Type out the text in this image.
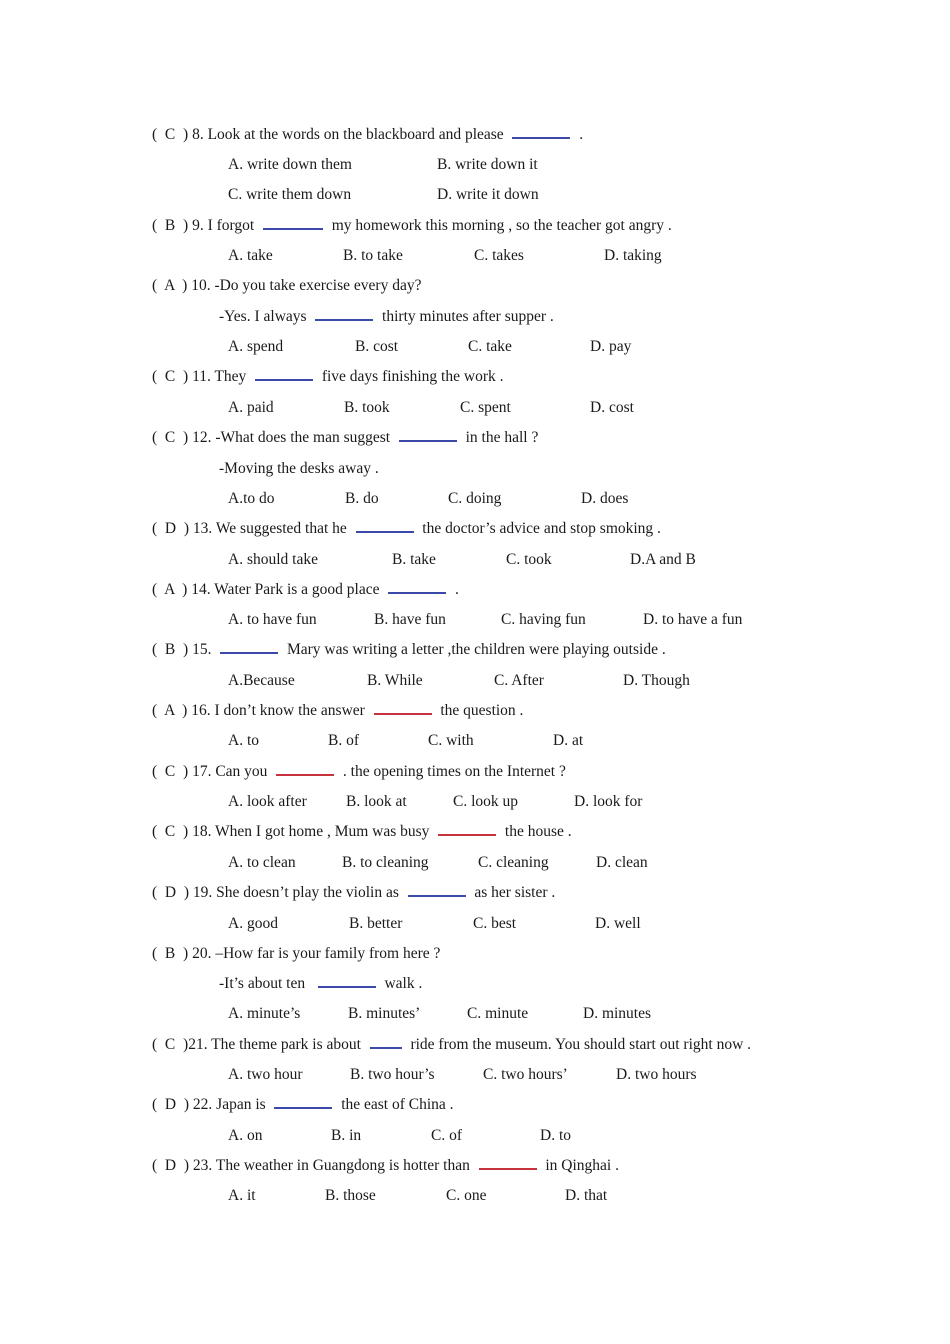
(  C  ) 8. Look at the words on the blackboard and please	.
A. write down them	B. write down it
C. write them down	D. write it down
(  B  ) 9. I forgot	my homework this morning , so the teacher got angry .
A. take	B. to take	C. takes	D. taking
(  A  ) 10. -Do you take exercise every day?
-Yes. I always	thirty minutes after supper .
A. spend	B. cost	C. take	D. pay
(  C  ) 11. They	five days finishing the work .
A. paid	B. took	C. spent	D. cost
(  C  ) 12. -What does the man suggest	in the hall ?
-Moving the desks away .
A.to do	B. do	C. doing	D. does
(  D  ) 13. We suggested that he	the doctor’s advice and stop smoking .
A. should take	B. take	C. took	D.A and B
(  A  ) 14. Water Park is a good place	.
A. to have fun	B. have fun	C. having fun	D. to have a fun
(  B  ) 15.	Mary was writing a letter ,the children were playing outside .
A.Because	B. While	C. After	D. Though
(  A  ) 16. I don’t know the answer	the question .
A. to	B. of	C. with	D. at
(  C  ) 17. Can you	. the opening times on the Internet ?
A. look after	B. look at	C. look up	D. look for
(  C  ) 18. When I got home , Mum was busy	the house .
A. to clean	B. to cleaning	C. cleaning	D. clean
(  D  ) 19. She doesn’t play the violin as	as her sister .
A. good	B. better	C. best	D. well
(  B  ) 20. –How far is your family from here ?
-It’s about ten	walk .
A. minute’s	B. minutes’	C. minute	D. minutes
(  C  )21. The theme park is about	ride from the museum. You should start out right now .
A. two hour	B. two hour’s	C. two hours’	D. two hours
(  D  ) 22. Japan is	the east of China .
A. on	B. in	C. of	D. to
(  D  ) 23. The weather in Guangdong is hotter than	in Qinghai .
A. it	B. those	C. one	D. that
